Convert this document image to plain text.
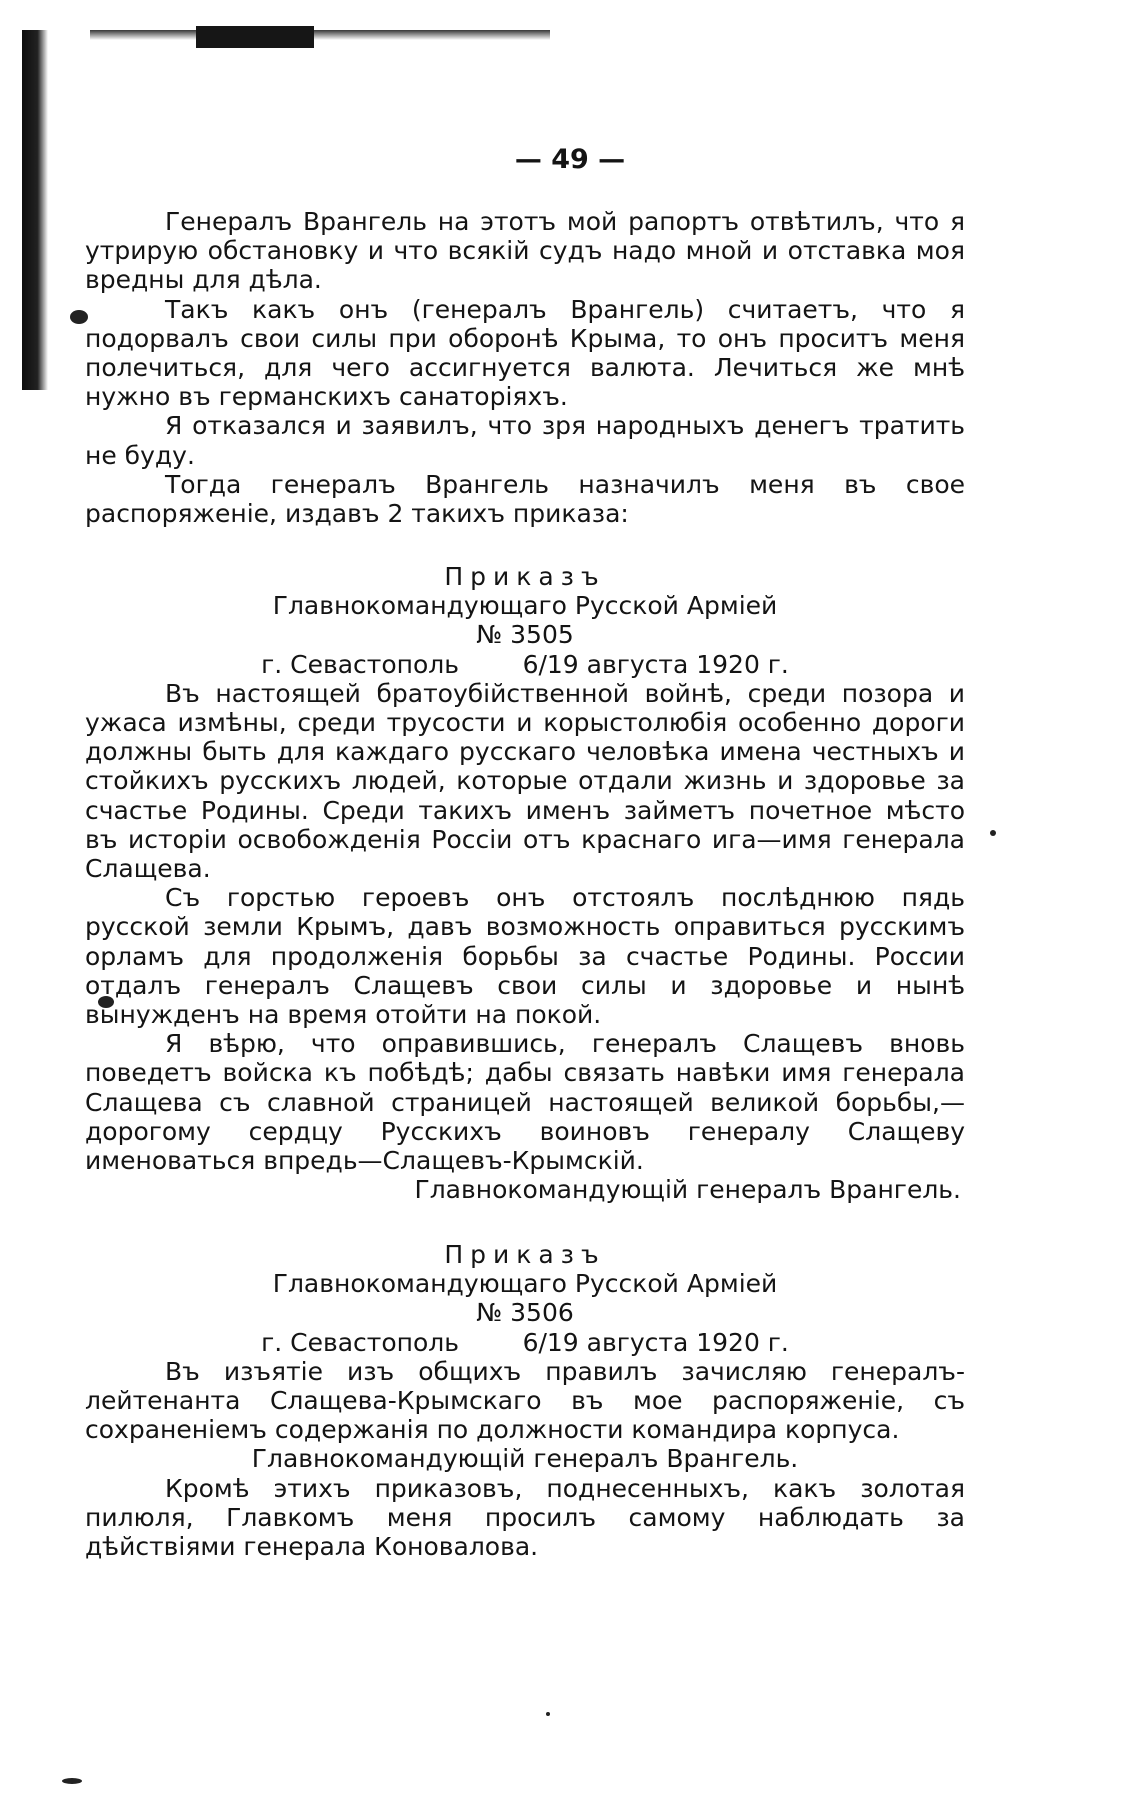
— 49 —

Генералъ Врангель на этотъ мой рапортъ отвѣтилъ, что я утрирую обстановку и что всякій судъ надо мной и отставка моя вредны для дѣла.

Такъ какъ онъ (генералъ Врангель) считаетъ, что я подорвалъ свои силы при оборонѣ Крыма, то онъ проситъ меня полечиться, для чего ассигнуется валюта. Лечиться же мнѣ нужно въ германскихъ санаторіяхъ.

Я отказался и заявилъ, что зря народныхъ денегъ тратить не буду.

Тогда генералъ Врангель назначилъ меня въ свое распоряженіе, издавъ 2 такихъ приказа:

Приказъ

Главнокомандующаго Русской Арміей

№ 3505

г. Севастополь        6/19 августа 1920 г.

Въ настоящей братоубійственной войнѣ, среди позора и ужаса измѣны, среди трусости и корыстолюбія особенно дороги должны быть для каждаго русскаго человѣка имена честныхъ и стойкихъ русскихъ людей, которые отдали жизнь и здоровье за счастье Родины. Среди такихъ именъ займетъ почетное мѣсто въ исторіи освобожденія Россіи отъ краснаго ига—имя генерала Слащева.

Съ горстью героевъ онъ отстоялъ послѣднюю пядь русской земли Крымъ, давъ возможность оправиться русскимъ орламъ для продолженія борьбы за счастье Родины. России отдалъ генералъ Слащевъ свои силы и здоровье и нынѣ вынужденъ на время отойти на покой.

Я вѣрю, что оправившись, генералъ Слащевъ вновь поведетъ войска къ побѣдѣ; дабы связать навѣки имя генерала Слащева съ славной страницей настоящей великой борьбы,—дорогому сердцу Русскихъ воиновъ генералу Слащеву именоваться впредь—Слащевъ-Крымскій.

Главнокомандующій генералъ Врангель.

Приказъ

Главнокомандующаго Русской Арміей

№ 3506

г. Севастополь        6/19 августа 1920 г.

Въ изъятіе изъ общихъ правилъ зачисляю генералъ-лейтенанта Слащева-Крымскаго въ мое распоряженіе, съ сохраненіемъ содержанія по должности командира корпуса.

Главнокомандующій генералъ Врангель.

Кромѣ этихъ приказовъ, поднесенныхъ, какъ золотая пилюля, Главкомъ меня просилъ самому наблюдать за дѣйствіями генерала Коновалова.
